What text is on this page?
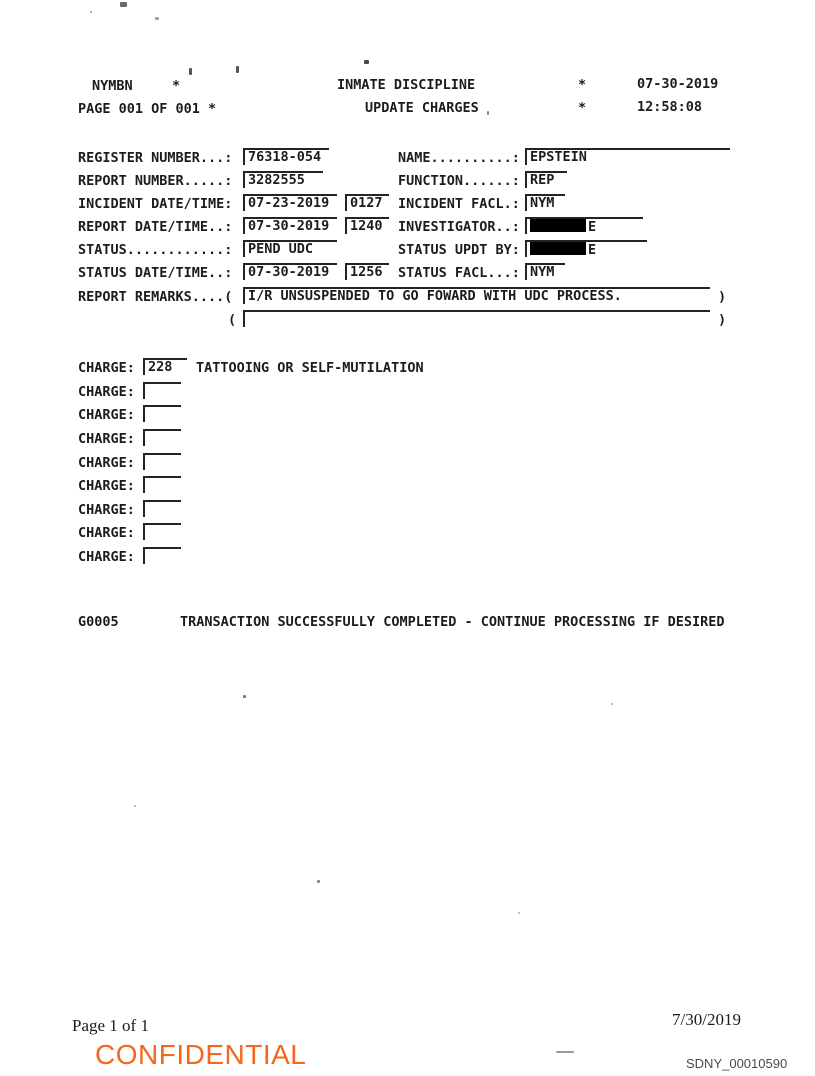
NYMBN	*	INMATE DISCIPLINE	*	07-30-2019
PAGE 001 OF 001 *	UPDATE CHARGES	*	12:58:08
REGISTER NUMBER...:	76318-054	NAME..........: EPSTEIN
REPORT NUMBER.....:	3282555	FUNCTION......: REP
INCIDENT DATE/TIME:	07-23-2019	0127	INCIDENT FACL.: NYM
REPORT DATE/TIME..:	07-30-2019	1240	INVESTIGATOR..:	E
STATUS............:	PEND UDC	STATUS UPDT BY:	E
STATUS DATE/TIME..:	07-30-2019	1256	STATUS FACL...: NYM
REPORT REMARKS....(	I/R UNSUSPENDED TO GO FOWARD WITH UDC PROCESS.	)
(	)
CHARGE: 228	TATTOOING OR SELF-MUTILATION
CHARGE:
CHARGE:
CHARGE:
CHARGE:
CHARGE:
CHARGE:
CHARGE:
CHARGE:
G0005	TRANSACTION SUCCESSFULLY COMPLETED - CONTINUE PROCESSING IF DESIRED
Page 1 of 1	7/30/2019
CONFIDENTIAL	SDNY_00010590
